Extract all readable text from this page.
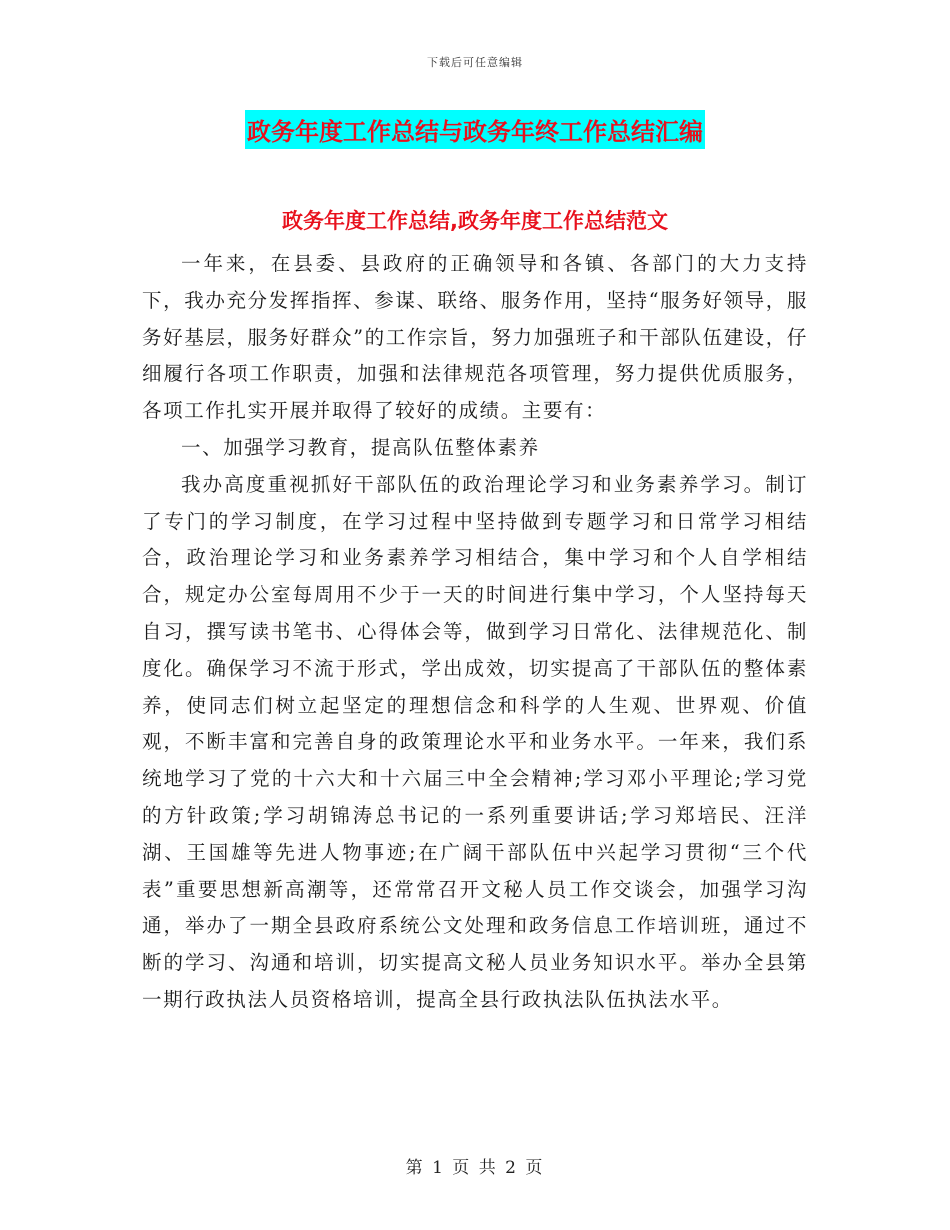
下载后可任意编辑
政务年度工作总结与政务年终工作总结汇编
政务年度工作总结,政务年度工作总结范文

一年来，在县委、县政府的正确领导和各镇、各部门的大力支持下，我办充分发挥指挥、参谋、联络、服务作用，坚持“服务好领导，服务好基层，服务好群众”的工作宗旨，努力加强班子和干部队伍建设，仔细履行各项工作职责，加强和法律规范各项管理，努力提供优质服务，各项工作扎实开展并取得了较好的成绩。主要有：

一、加强学习教育，提高队伍整体素养

我办高度重视抓好干部队伍的政治理论学习和业务素养学习。制订了专门的学习制度，在学习过程中坚持做到专题学习和日常学习相结合，政治理论学习和业务素养学习相结合，集中学习和个人自学相结合，规定办公室每周用不少于一天的时间进行集中学习，个人坚持每天自习，撰写读书笔书、心得体会等，做到学习日常化、法律规范化、制度化。确保学习不流于形式，学出成效，切实提高了干部队伍的整体素养，使同志们树立起坚定的理想信念和科学的人生观、世界观、价值观，不断丰富和完善自身的政策理论水平和业务水平。一年来，我们系统地学习了党的十六大和十六届三中全会精神;学习邓小平理论;学习党的方针政策;学习胡锦涛总书记的一系列重要讲话;学习郑培民、汪洋湖、王国雄等先进人物事迹;在广阔干部队伍中兴起学习贯彻“三个代表”重要思想新高潮等，还常常召开文秘人员工作交谈会，加强学习沟通，举办了一期全县政府系统公文处理和政务信息工作培训班，通过不断的学习、沟通和培训，切实提高文秘人员业务知识水平。举办全县第一期行政执法人员资格培训，提高全县行政执法队伍执法水平。

第 1 页 共 2 页
